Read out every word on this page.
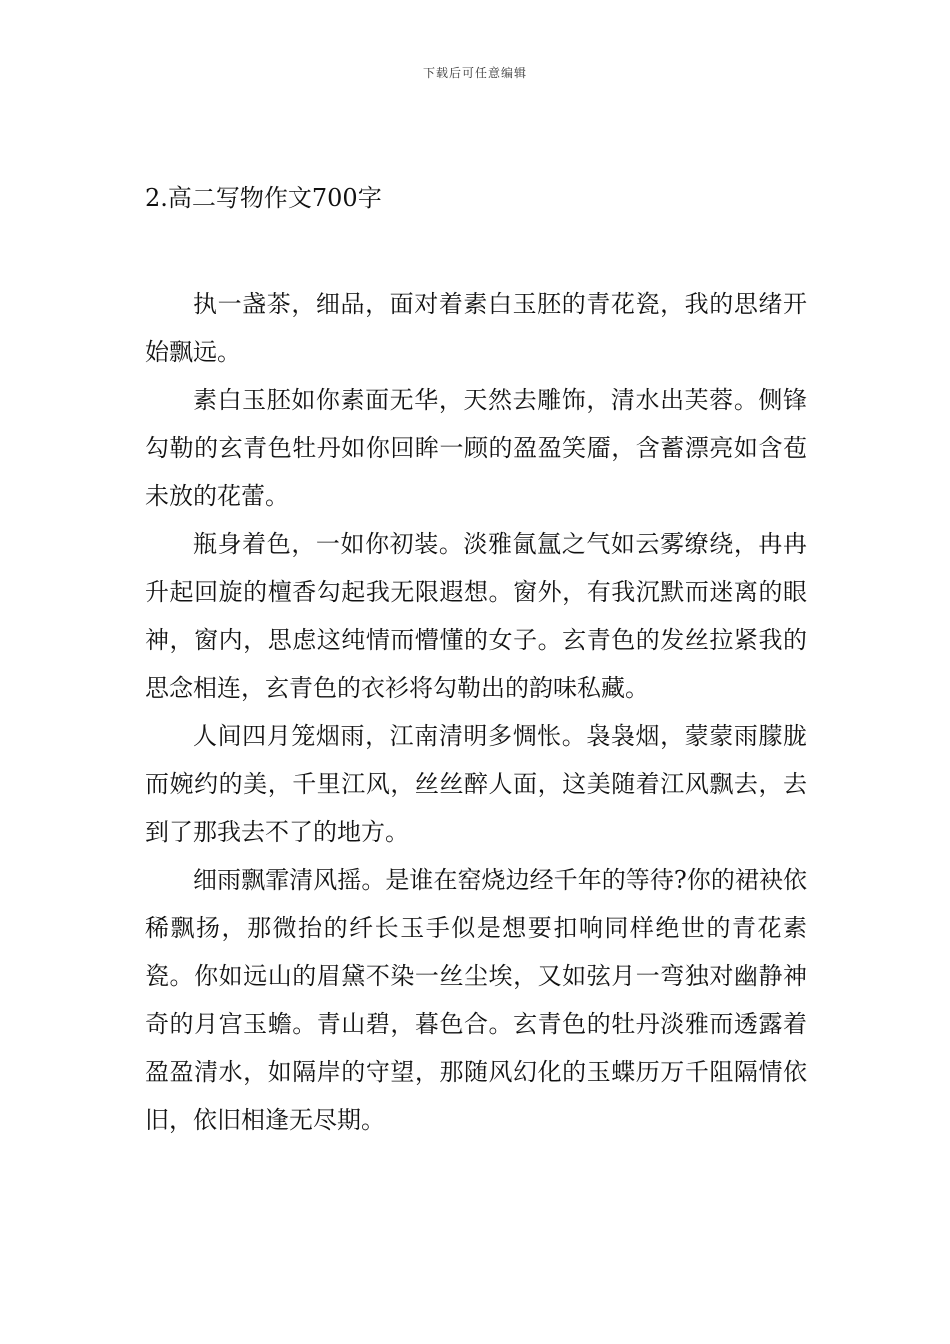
下载后可任意编辑
2.高二写物作文700字

执一盏茶，细品，面对着素白玉胚的青花瓷，我的思绪开始飘远。

素白玉胚如你素面无华，天然去雕饰，清水出芙蓉。侧锋勾勒的玄青色牡丹如你回眸一顾的盈盈笑靥，含蓄漂亮如含苞未放的花蕾。

瓶身着色，一如你初装。淡雅氤氲之气如云雾缭绕，冉冉升起回旋的檀香勾起我无限遐想。窗外，有我沉默而迷离的眼神，窗内，思虑这纯情而懵懂的女子。玄青色的发丝拉紧我的思念相连，玄青色的衣衫将勾勒出的韵味私藏。

人间四月笼烟雨，江南清明多惆怅。袅袅烟，蒙蒙雨朦胧而婉约的美，千里江风，丝丝醉人面，这美随着江风飘去，去到了那我去不了的地方。

细雨飘霏清风摇。是谁在窑烧边经千年的等待?你的裙袂依稀飘扬，那微抬的纤长玉手似是想要扣响同样绝世的青花素瓷。你如远山的眉黛不染一丝尘埃，又如弦月一弯独对幽静神奇的月宫玉蟾。青山碧，暮色合。玄青色的牡丹淡雅而透露着盈盈清水，如隔岸的守望，那随风幻化的玉蝶历万千阻隔情依旧，依旧相逢无尽期。
